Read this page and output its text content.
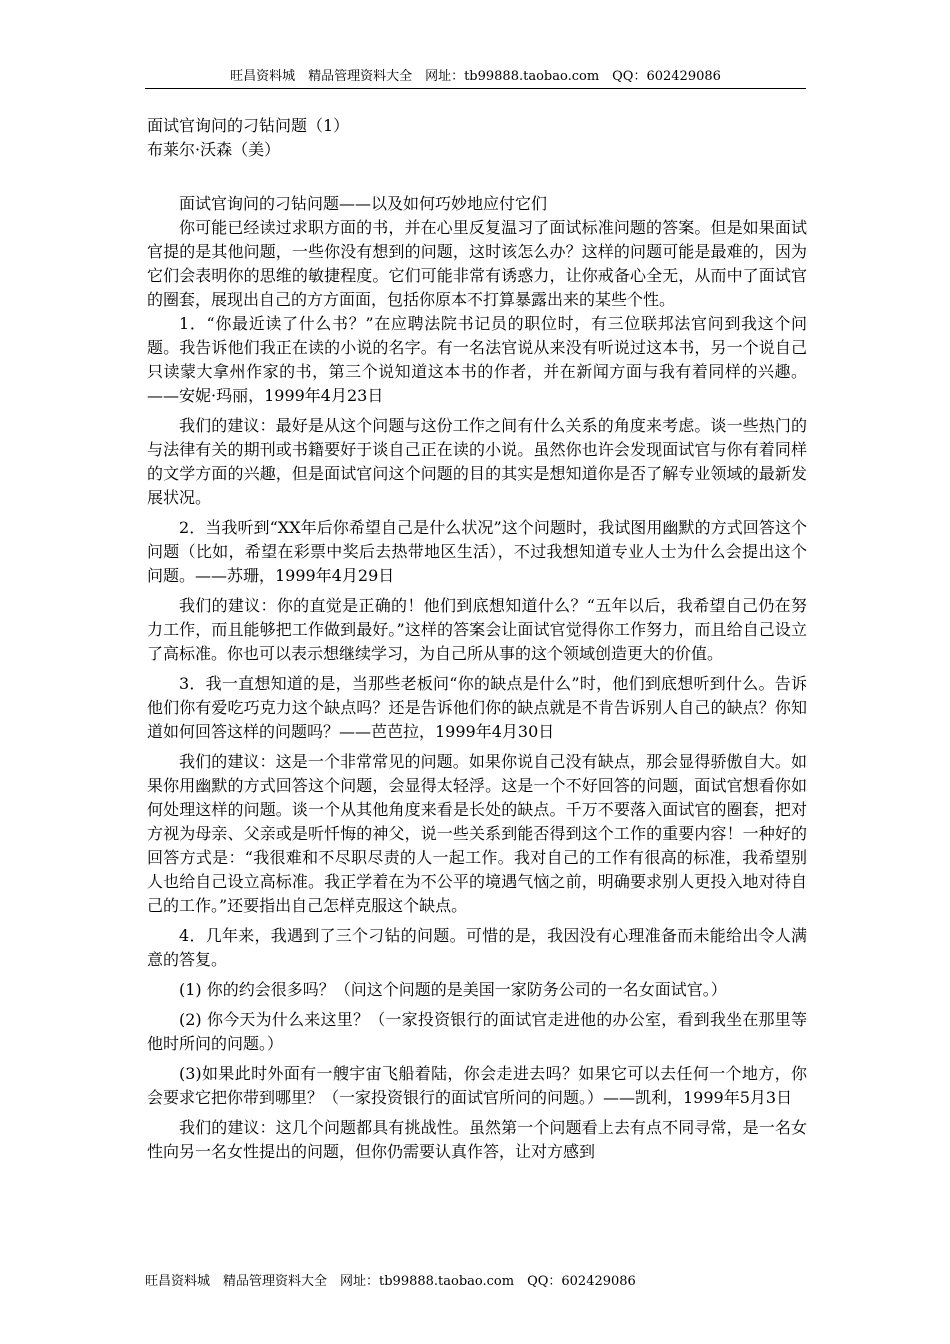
旺昌资料城　精品管理资料大全　网址：tb99888.taobao.com　QQ：602429086

面试官询问的刁钻问题（1）

布莱尔·沃森（美）

面试官询问的刁钻问题——以及如何巧妙地应付它们

你可能已经读过求职方面的书，并在心里反复温习了面试标准问题的答案。但是如果面试官提的是其他问题，一些你没有想到的问题，这时该怎么办？这样的问题可能是最难的，因为它们会表明你的思维的敏捷程度。它们可能非常有诱惑力，让你戒备心全无，从而中了面试官的圈套，展现出自己的方方面面，包括你原本不打算暴露出来的某些个性。

1．“你最近读了什么书？”在应聘法院书记员的职位时，有三位联邦法官问到我这个问题。我告诉他们我正在读的小说的名字。有一名法官说从来没有听说过这本书，另一个说自己只读蒙大拿州作家的书，第三个说知道这本书的作者，并在新闻方面与我有着同样的兴趣。——安妮·玛丽，1999年4月23日

我们的建议：最好是从这个问题与这份工作之间有什么关系的角度来考虑。谈一些热门的与法律有关的期刊或书籍要好于谈自己正在读的小说。虽然你也许会发现面试官与你有着同样的文学方面的兴趣，但是面试官问这个问题的目的其实是想知道你是否了解专业领域的最新发展状况。

2．当我听到“XX年后你希望自己是什么状况”这个问题时，我试图用幽默的方式回答这个问题（比如，希望在彩票中奖后去热带地区生活），不过我想知道专业人士为什么会提出这个问题。——苏珊，1999年4月29日

我们的建议：你的直觉是正确的！他们到底想知道什么？“五年以后，我希望自己仍在努力工作，而且能够把工作做到最好。”这样的答案会让面试官觉得你工作努力，而且给自己设立了高标准。你也可以表示想继续学习，为自己所从事的这个领域创造更大的价值。

3．我一直想知道的是，当那些老板问“你的缺点是什么”时，他们到底想听到什么。告诉他们你有爱吃巧克力这个缺点吗？还是告诉他们你的缺点就是不肯告诉别人自己的缺点？你知道如何回答这样的问题吗？——芭芭拉，1999年4月30日

我们的建议：这是一个非常常见的问题。如果你说自己没有缺点，那会显得骄傲自大。如果你用幽默的方式回答这个问题，会显得太轻浮。这是一个不好回答的问题，面试官想看你如何处理这样的问题。谈一个从其他角度来看是长处的缺点。千万不要落入面试官的圈套，把对方视为母亲、父亲或是听忏悔的神父，说一些关系到能否得到这个工作的重要内容！一种好的回答方式是：“我很难和不尽职尽责的人一起工作。我对自己的工作有很高的标准，我希望别人也给自己设立高标准。我正学着在为不公平的境遇气恼之前，明确要求别人更投入地对待自己的工作。”还要指出自己怎样克服这个缺点。

4．几年来，我遇到了三个刁钻的问题。可惜的是，我因没有心理准备而未能给出令人满意的答复。

(1) 你的约会很多吗？（问这个问题的是美国一家防务公司的一名女面试官。）

(2) 你今天为什么来这里？（一家投资银行的面试官走进他的办公室，看到我坐在那里等他时所问的问题。）

(3)如果此时外面有一艘宇宙飞船着陆，你会走进去吗？如果它可以去任何一个地方，你会要求它把你带到哪里？（一家投资银行的面试官所问的问题。）——凯利，1999年5月3日

我们的建议：这几个问题都具有挑战性。虽然第一个问题看上去有点不同寻常，是一名女性向另一名女性提出的问题，但你仍需要认真作答，让对方感到

旺昌资料城　精品管理资料大全　网址：tb99888.taobao.com　QQ：602429086
